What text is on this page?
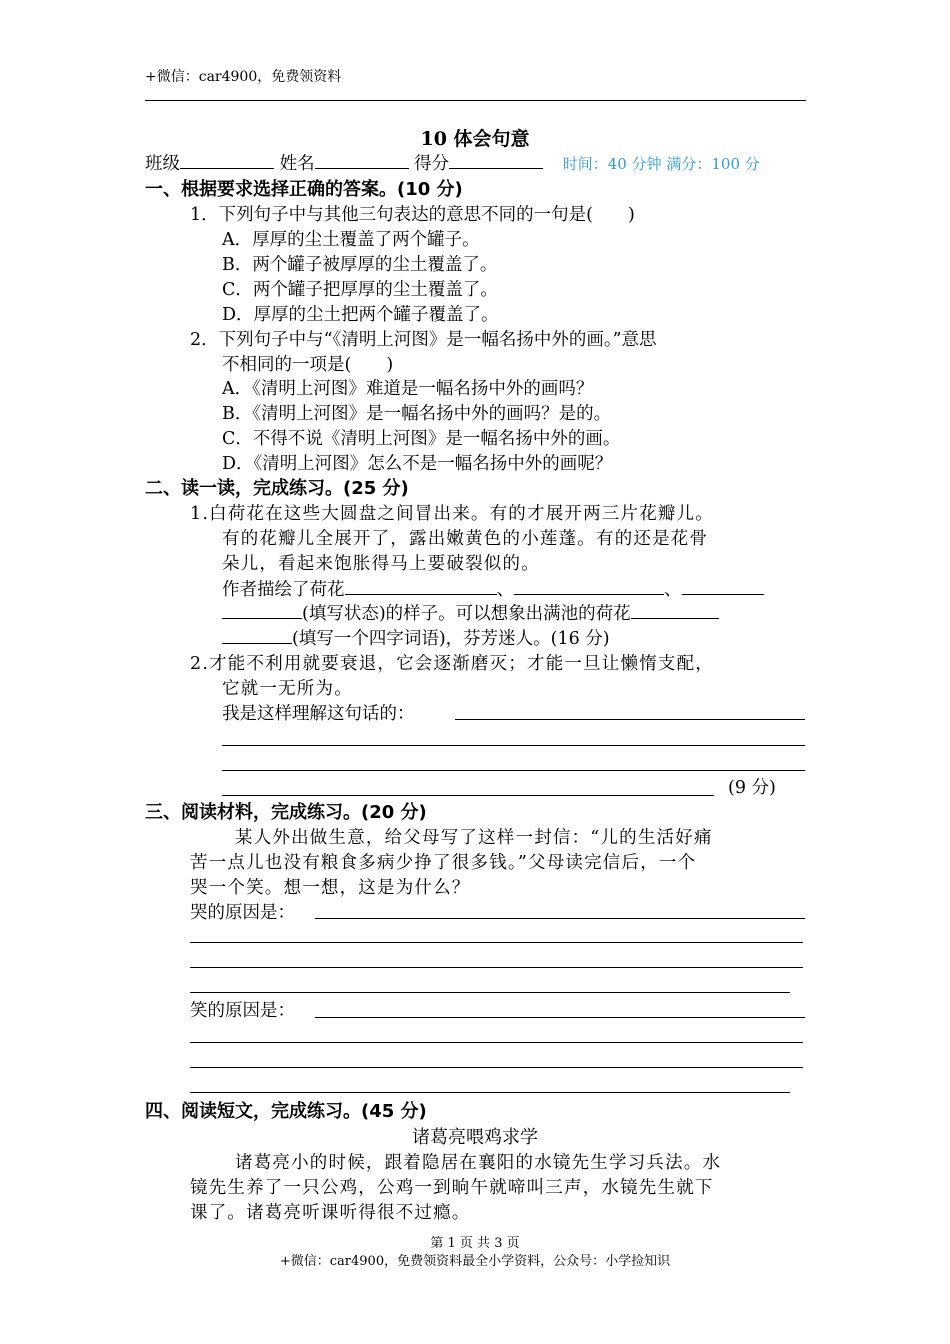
+微信：car4900，免费领资料
10 体会句意
班级	姓名	得分	时间：40 分钟 满分：100 分
一、根据要求选择正确的答案。(10 分)
1．下列句子中与其他三句表达的意思不同的一句是(　　)
A．厚厚的尘土覆盖了两个罐子。
B．两个罐子被厚厚的尘土覆盖了。
C．两个罐子把厚厚的尘土覆盖了。
D．厚厚的尘土把两个罐子覆盖了。
2．下列句子中与“《清明上河图》是一幅名扬中外的画。”意思
不相同的一项是(　　)
A．《清明上河图》难道是一幅名扬中外的画吗？
B．《清明上河图》是一幅名扬中外的画吗？是的。
C．不得不说《清明上河图》是一幅名扬中外的画。
D．《清明上河图》怎么不是一幅名扬中外的画呢？
二、读一读，完成练习。(25 分)
1.白荷花在这些大圆盘之间冒出来。有的才展开两三片花瓣儿。
有的花瓣儿全展开了，露出嫩黄色的小莲蓬。有的还是花骨
朵儿，看起来饱胀得马上要破裂似的。
作者描绘了荷花	、	、
(填写状态)的样子。可以想象出满池的荷花
(填写一个四字词语)，芬芳迷人。(16 分)
2.才能不利用就要衰退，它会逐渐磨灭；才能一旦让懒惰支配，
它就一无所为。
我是这样理解这句话的：
(9 分)
三、阅读材料，完成练习。(20 分)
某人外出做生意，给父母写了这样一封信：“儿的生活好痛
苦一点儿也没有粮食多病少挣了很多钱。”父母读完信后，一个
哭一个笑。想一想，这是为什么？
哭的原因是：
笑的原因是：
四、阅读短文，完成练习。(45 分)
诸葛亮喂鸡求学
诸葛亮小的时候，跟着隐居在襄阳的水镜先生学习兵法。水
镜先生养了一只公鸡，公鸡一到晌午就啼叫三声，水镜先生就下
课了。诸葛亮听课听得很不过瘾。
第 1 页 共 3 页
+微信：car4900，免费领资料最全小学资料，公众号：小学捡知识
